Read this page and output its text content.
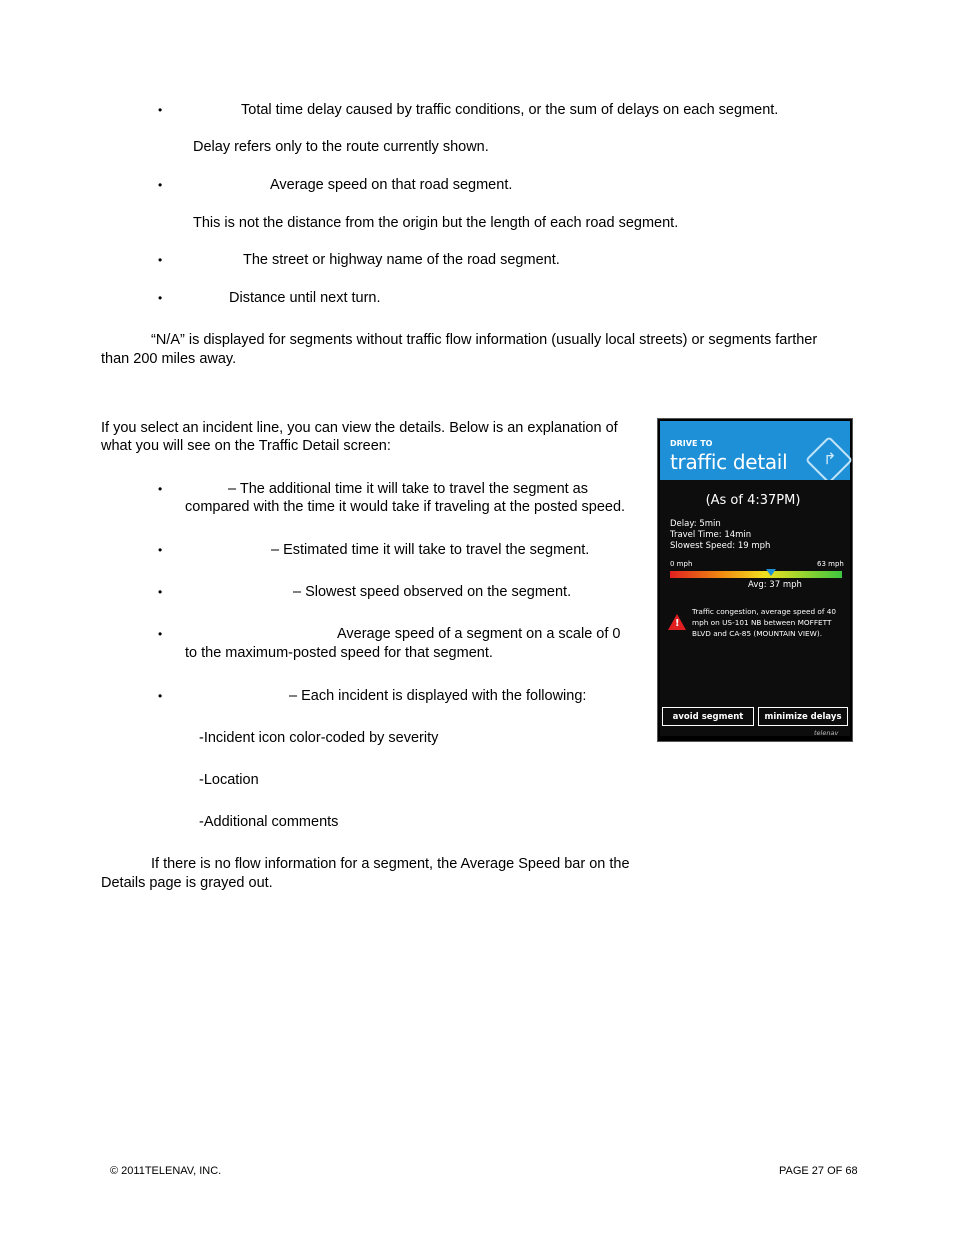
•	Total time delay caused by traffic conditions, or the sum of delays on each segment.
Delay refers only to the route currently shown.
•	Average speed on that road segment.
This is not the distance from the origin but the length of each road segment.
•	The street or highway name of the road segment.
•	Distance until next turn.
“N/A” is displayed for segments without traffic flow information (usually local streets) or segments farther
than 200 miles away.
If you select an incident line, you can view the details. Below is an explanation of
what you will see on the Traffic Detail screen:
•	– The additional time it will take to travel the segment as
compared with the time it would take if traveling at the posted speed.
•	– Estimated time it will take to travel the segment.
•	– Slowest speed observed on the segment.
•	Average speed of a segment on a scale of 0
to the maximum-posted speed for that segment.
•	– Each incident is displayed with the following:
-Incident icon color-coded by severity
-Location
-Additional comments
If there is no flow information for a segment, the Average Speed bar on the
Details page is grayed out.
DRIVE TO
traffic detail ↱
(As of 4:37PM)
Delay: 5min
Travel Time: 14min
Slowest Speed: 19 mph
0 mph	63 mph
Avg: 37 mph
!
Traffic congestion, average speed of 40 mph on US-101 NB between MOFFETT BLVD and CA-85 (MOUNTAIN VIEW).
avoid segment	minimize delays
telenav
© 2011TELENAV, INC.	PAGE 27 OF 68
